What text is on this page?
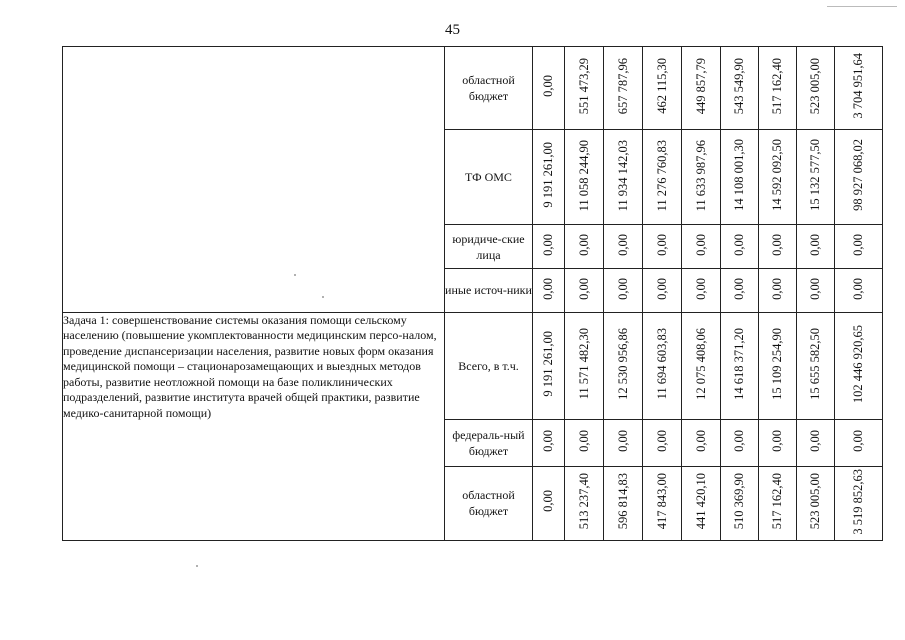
45
	областной бюджет	0,00	551 473,29	657 787,96	462 115,30	449 857,79	543 549,90	517 162,40	523 005,00	3 704 951,64
	ТФ ОМС	9 191 261,00	11 058 244,90	11 934 142,03	11 276 760,83	11 633 987,96	14 108 001,30	14 592 092,50	15 132 577,50	98 927 068,02
	юридиче-ские лица	0,00	0,00	0,00	0,00	0,00	0,00	0,00	0,00	0,00
	иные источ-ники	0,00	0,00	0,00	0,00	0,00	0,00	0,00	0,00	0,00
Задача 1: совершенствование системы оказания помощи сельскому населению (повышение укомплектованности медицинским персо-налом, проведение диспансеризации населения, развитие новых форм оказания медицинской помощи – стационарозамещающих и выездных методов работы, развитие неотложной помощи на базе поликлинических подразделений, развитие института врачей общей практики, развитие медико-санитарной помощи)	Всего, в т.ч.	9 191 261,00	11 571 482,30	12 530 956,86	11 694 603,83	12 075 408,06	14 618 371,20	15 109 254,90	15 655 582,50	102 446 920,65
	федераль-ный бюджет	0,00	0,00	0,00	0,00	0,00	0,00	0,00	0,00	0,00
	областной бюджет	0,00	513 237,40	596 814,83	417 843,00	441 420,10	510 369,90	517 162,40	523 005,00	3 519 852,63
